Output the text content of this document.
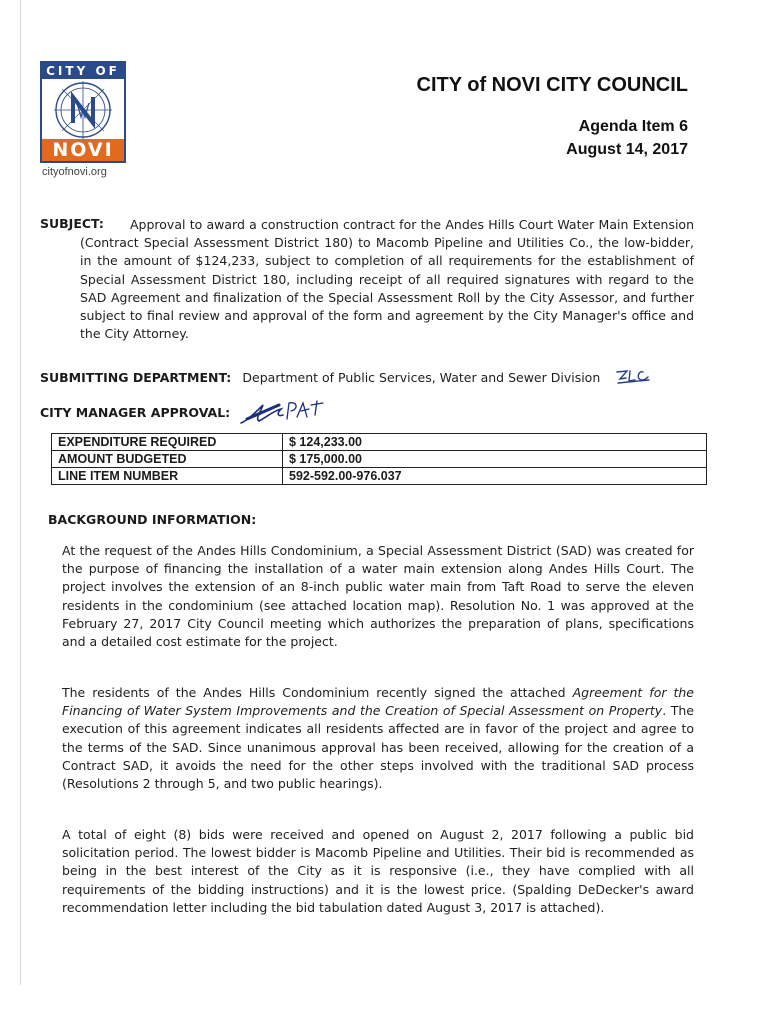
CITY OF
NOVI
cityofnovi.org
CITY of NOVI CITY COUNCIL
Agenda Item 6
August 14, 2017
SUBJECT:	Approval to award a construction contract for the Andes Hills Court Water Main Extension (Contract Special Assessment District 180) to Macomb Pipeline and Utilities Co., the low-bidder, in the amount of $124,233, subject to completion of all requirements for the establishment of Special Assessment District 180, including receipt of all required signatures with regard to the SAD Agreement and finalization of the Special Assessment Roll by the City Assessor, and further subject to final review and approval of the form and agreement by the City Manager's office and the City Attorney.

SUBMITTING DEPARTMENT: Department of Public Services, Water and Sewer Division
CITY MANAGER APPROVAL:
EXPENDITURE REQUIRED	$ 124,233.00
AMOUNT BUDGETED	$ 175,000.00
LINE ITEM NUMBER	592-592.00-976.037
BACKGROUND INFORMATION:

At the request of the Andes Hills Condominium, a Special Assessment District (SAD) was created for the purpose of financing the installation of a water main extension along Andes Hills Court. The project involves the extension of an 8-inch public water main from Taft Road to serve the eleven residents in the condominium (see attached location map). Resolution No. 1 was approved at the February 27, 2017 City Council meeting which authorizes the preparation of plans, specifications and a detailed cost estimate for the project.

The residents of the Andes Hills Condominium recently signed the attached Agreement for the Financing of Water System Improvements and the Creation of Special Assessment on Property. The execution of this agreement indicates all residents affected are in favor of the project and agree to the terms of the SAD. Since unanimous approval has been received, allowing for the creation of a Contract SAD, it avoids the need for the other steps involved with the traditional SAD process (Resolutions 2 through 5, and two public hearings).

A total of eight (8) bids were received and opened on August 2, 2017 following a public bid solicitation period. The lowest bidder is Macomb Pipeline and Utilities. Their bid is recommended as being in the best interest of the City as it is responsive (i.e., they have complied with all requirements of the bidding instructions) and it is the lowest price. (Spalding DeDecker's award recommendation letter including the bid tabulation dated August 3, 2017 is attached).
